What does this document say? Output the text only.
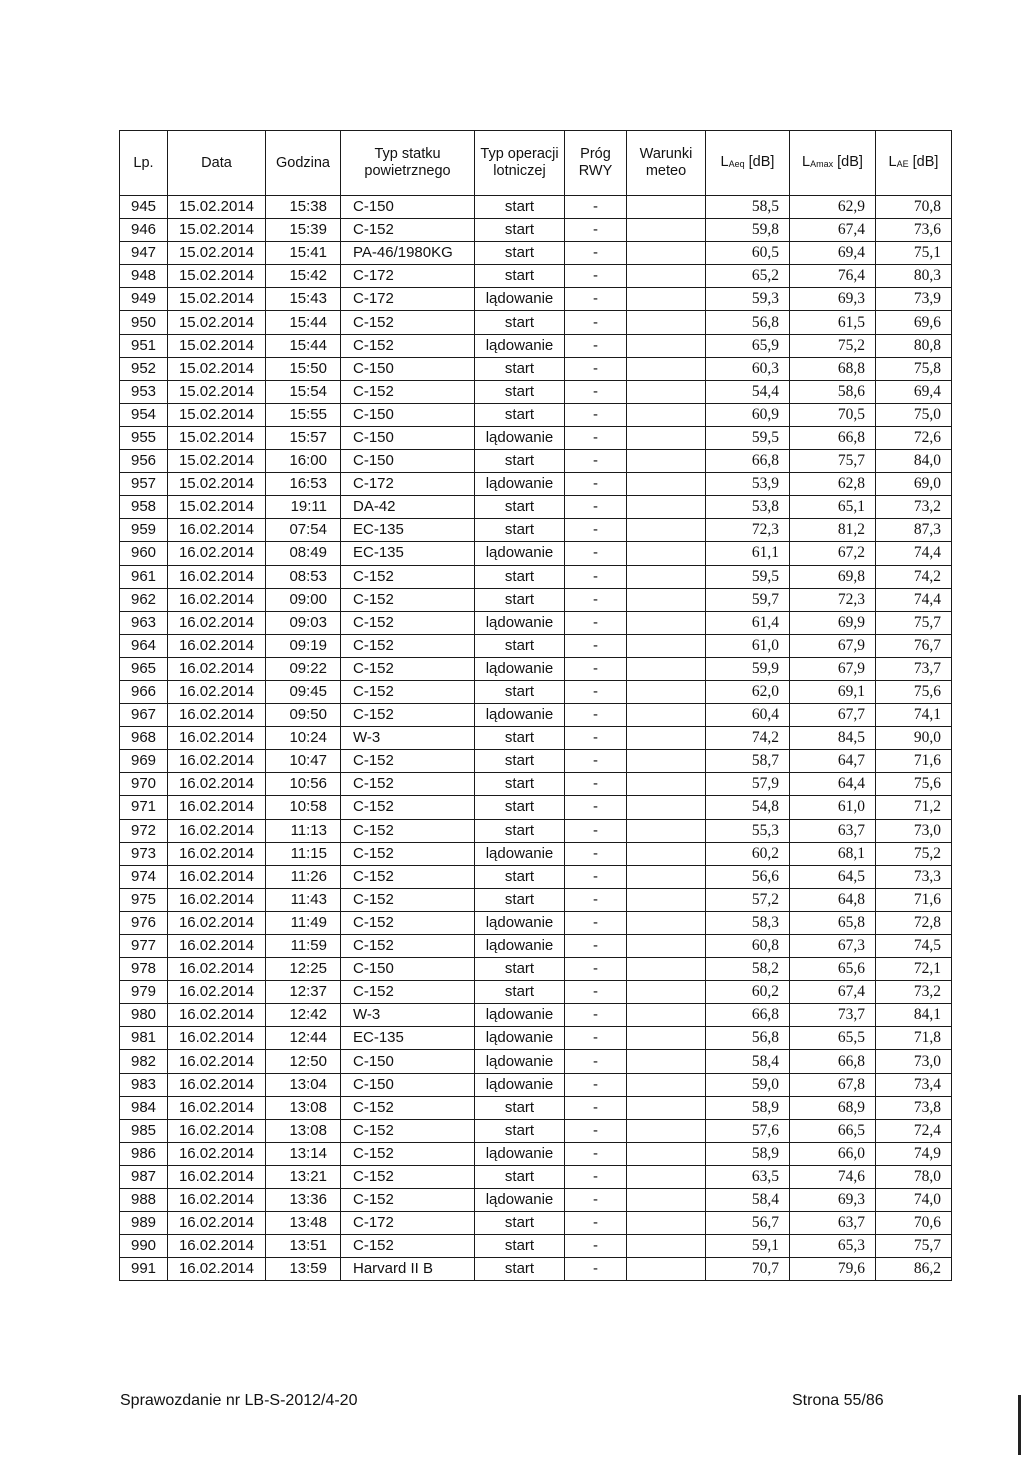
Lp.	Data	Godzina	Typ statku powietrznego	Typ operacji lotniczej	Próg RWY	Warunki meteo	$L_{Aeq}$ [dB]	$L_{Amax}$ [dB]	$L_{AE}$ [dB]
945	15.02.2014	15:38	C-150	start	-		58,5	62,9	70,8
946	15.02.2014	15:39	C-152	start	-		59,8	67,4	73,6
947	15.02.2014	15:41	PA-46/1980KG	start	-		60,5	69,4	75,1
948	15.02.2014	15:42	C-172	start	-		65,2	76,4	80,3
949	15.02.2014	15:43	C-172	lądowanie	-		59,3	69,3	73,9
950	15.02.2014	15:44	C-152	start	-		56,8	61,5	69,6
951	15.02.2014	15:44	C-152	lądowanie	-		65,9	75,2	80,8
952	15.02.2014	15:50	C-150	start	-		60,3	68,8	75,8
953	15.02.2014	15:54	C-152	start	-		54,4	58,6	69,4
954	15.02.2014	15:55	C-150	start	-		60,9	70,5	75,0
955	15.02.2014	15:57	C-150	lądowanie	-		59,5	66,8	72,6
956	15.02.2014	16:00	C-150	start	-		66,8	75,7	84,0
957	15.02.2014	16:53	C-172	lądowanie	-		53,9	62,8	69,0
958	15.02.2014	19:11	DA-42	start	-		53,8	65,1	73,2
959	16.02.2014	07:54	EC-135	start	-		72,3	81,2	87,3
960	16.02.2014	08:49	EC-135	lądowanie	-		61,1	67,2	74,4
961	16.02.2014	08:53	C-152	start	-		59,5	69,8	74,2
962	16.02.2014	09:00	C-152	start	-		59,7	72,3	74,4
963	16.02.2014	09:03	C-152	lądowanie	-		61,4	69,9	75,7
964	16.02.2014	09:19	C-152	start	-		61,0	67,9	76,7
965	16.02.2014	09:22	C-152	lądowanie	-		59,9	67,9	73,7
966	16.02.2014	09:45	C-152	start	-		62,0	69,1	75,6
967	16.02.2014	09:50	C-152	lądowanie	-		60,4	67,7	74,1
968	16.02.2014	10:24	W-3	start	-		74,2	84,5	90,0
969	16.02.2014	10:47	C-152	start	-		58,7	64,7	71,6
970	16.02.2014	10:56	C-152	start	-		57,9	64,4	75,6
971	16.02.2014	10:58	C-152	start	-		54,8	61,0	71,2
972	16.02.2014	11:13	C-152	start	-		55,3	63,7	73,0
973	16.02.2014	11:15	C-152	lądowanie	-		60,2	68,1	75,2
974	16.02.2014	11:26	C-152	start	-		56,6	64,5	73,3
975	16.02.2014	11:43	C-152	start	-		57,2	64,8	71,6
976	16.02.2014	11:49	C-152	lądowanie	-		58,3	65,8	72,8
977	16.02.2014	11:59	C-152	lądowanie	-		60,8	67,3	74,5
978	16.02.2014	12:25	C-150	start	-		58,2	65,6	72,1
979	16.02.2014	12:37	C-152	start	-		60,2	67,4	73,2
980	16.02.2014	12:42	W-3	lądowanie	-		66,8	73,7	84,1
981	16.02.2014	12:44	EC-135	lądowanie	-		56,8	65,5	71,8
982	16.02.2014	12:50	C-150	lądowanie	-		58,4	66,8	73,0
983	16.02.2014	13:04	C-150	lądowanie	-		59,0	67,8	73,4
984	16.02.2014	13:08	C-152	start	-		58,9	68,9	73,8
985	16.02.2014	13:08	C-152	start	-		57,6	66,5	72,4
986	16.02.2014	13:14	C-152	lądowanie	-		58,9	66,0	74,9
987	16.02.2014	13:21	C-152	start	-		63,5	74,6	78,0
988	16.02.2014	13:36	C-152	lądowanie	-		58,4	69,3	74,0
989	16.02.2014	13:48	C-172	start	-		56,7	63,7	70,6
990	16.02.2014	13:51	C-152	start	-		59,1	65,3	75,7
991	16.02.2014	13:59	Harvard II B	start	-		70,7	79,6	86,2
Sprawozdanie nr LB-S-2012/4-20	Strona 55/86
